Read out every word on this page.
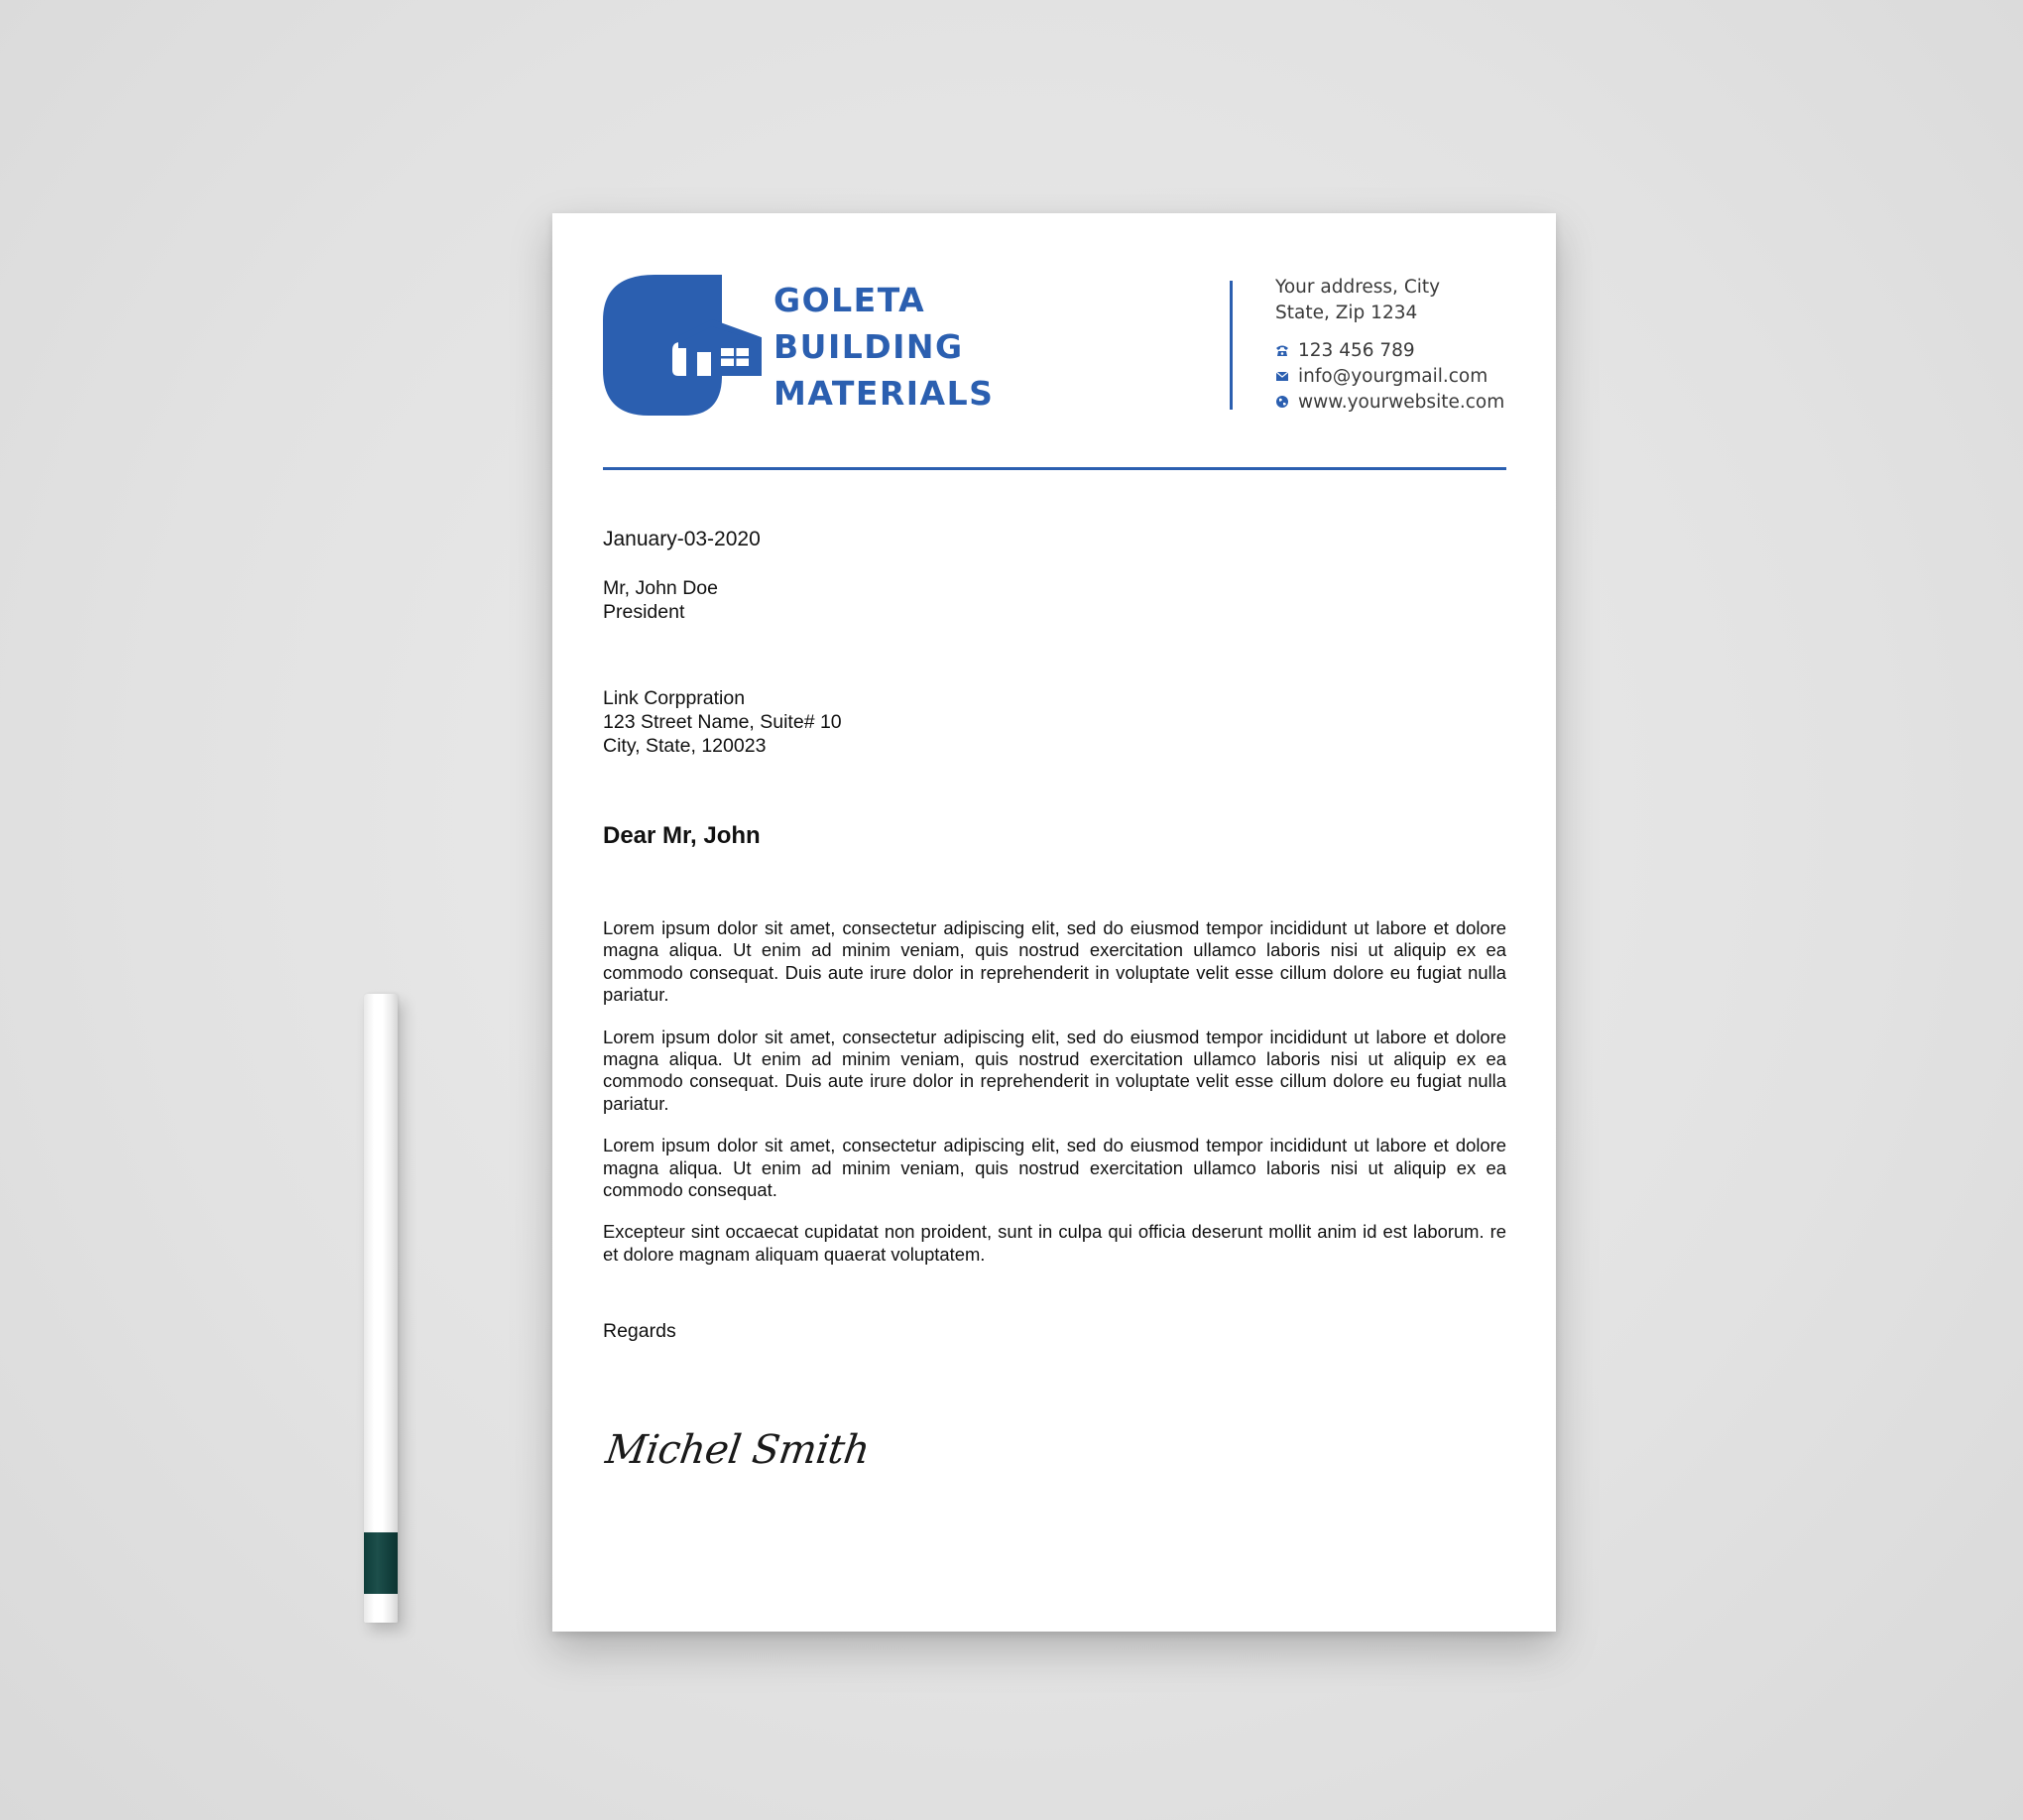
GOLETA
BUILDING
MATERIALS
Your address, City
State, Zip 1234
123 456 789
info@yourgmail.com
www.yourwebsite.com
January-03-2020
Mr, John Doe
President
Link Corppration
123 Street Name, Suite# 10
City, State, 120023
Dear Mr, John

Lorem ipsum dolor sit amet, consectetur adipiscing elit, sed do eiusmod tempor incididunt ut labore et dolore magna aliqua. Ut enim ad minim veniam, quis nostrud exercitation ullamco laboris nisi ut aliquip ex ea commodo consequat. Duis aute irure dolor in reprehenderit in voluptate velit esse cillum dolore eu fugiat nulla pariatur.

Lorem ipsum dolor sit amet, consectetur adipiscing elit, sed do eiusmod tempor incididunt ut labore et dolore magna aliqua. Ut enim ad minim veniam, quis nostrud exercitation ullamco laboris nisi ut aliquip ex ea commodo consequat. Duis aute irure dolor in reprehenderit in voluptate velit esse cillum dolore eu fugiat nulla pariatur.

Lorem ipsum dolor sit amet, consectetur adipiscing elit, sed do eiusmod tempor incididunt ut labore et dolore magna aliqua. Ut enim ad minim veniam, quis nostrud exercitation ullamco laboris nisi ut aliquip ex ea commodo consequat.

Excepteur sint occaecat cupidatat non proident, sunt in culpa qui officia deserunt mollit anim id est laborum. re et dolore magnam aliquam quaerat voluptatem.

Regards
Michel Smith
